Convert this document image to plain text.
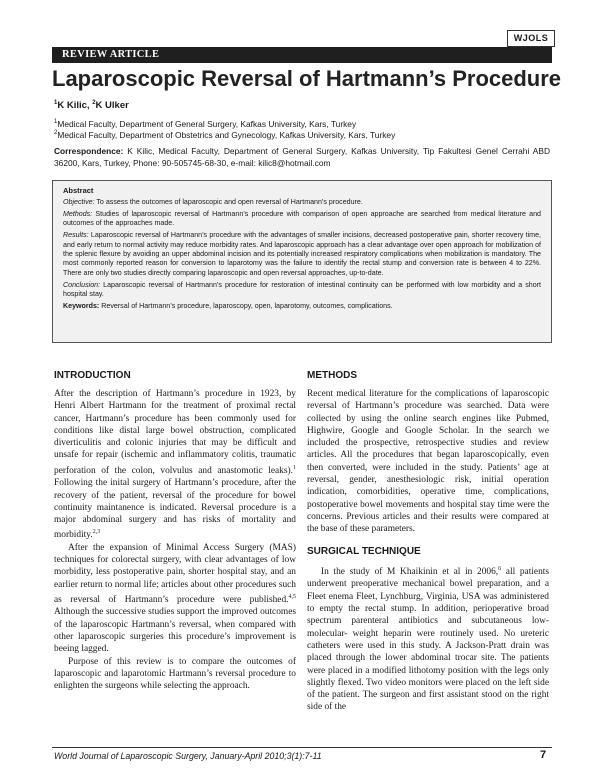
WJOLS
REVIEW ARTICLE
Laparoscopic Reversal of Hartmann’s Procedure
$^1$K Kilic, $^2$K Ulker
$^1$Medical Faculty, Department of General Surgery, Kafkas University, Kars, Turkey
$^2$Medical Faculty, Department of Obstetrics and Gynecology, Kafkas University, Kars, Turkey
Correspondence: K Kilic, Medical Faculty, Department of General Surgery, Kafkas University, Tip Fakultesi Genel Cerrahi ABD 36200, Kars, Turkey, Phone: 90-505745-68-30, e-mail: kilic8@hotmail.com

Abstract

Objective: To assess the outcomes of laparoscopic and open reversal of Hartmann’s procedure.

Methods: Studies of laparoscopic reversal of Hartmann’s procedure with comparison of open approache are searched from medical literature and outcomes of the approaches made.

Results: Laparoscopic reversal of Hartmann’s procedure with the advantages of smaller incisions, decreased postoperative pain, shorter recovery time, and early return to normal activity may reduce morbidity rates. And laparoscopic approach has a clear advantage over open approach for mobilization of the splenic flexure by avoiding an upper abdominal incision and its potentially increased respiratory complications when mobilization is mandatory. The most commonly reported reason for conversion to laparotomy was the failure to identify the rectal stump and conversion rate is between 4 to 22%. There are only two studies directly comparing laparoscopic and open reversal approaches, up-to-date.

Conclusion: Laparoscopic reversal of Hartmann’s procedure for restoration of intestinal continuity can be performed with low morbidity and a short hospital stay.

Keywords: Reversal of Hartmann’s procedure, laparoscopy, open, laparotomy, outcomes, complications.

INTRODUCTION

After the description of Hartmann’s procedure in 1923, by Henri Albert Hartmann for the treatment of proximal rectal cancer, Hartmann’s procedure has been commonly used for conditions like distal large bowel obstruction, complicated diverticulitis and colonic injuries that may be difficult and unsafe for repair (ischemic and inflammatory colitis, traumatic perforation of the colon, volvulus and anastomotic leaks).$^1$ Following the inital surgery of Hartmann’s procedure, after the recovery of the patient, reversal of the procedure for bowel continuity maintanence is indicated. Reversal procedure is a major abdominal surgery and has risks of mortality and morbidity.$^{2,3}$

After the expansion of Minimal Access Surgery (MAS) techniques for colorectal surgery, with clear advantages of low morbidity, less postoperative pain, shorter hospital stay, and an earlier return to normal life; articles about other procedures such as reversal of Hartmann’s procedure were published.$^{4,5}$ Although the successive studies support the improved outcomes of the laparoscopic Hartmann’s reversal, when compared with other laparoscopic surgeries this procedure’s improvement is beeing lagged.

Purpose of this review is to compare the outcomes of laparoscopic and laparotomic Hartmann’s reversal procedure to enlighten the surgeons while selecting the approach.

METHODS

Recent medical literature for the complications of laparoscopic reversal of Hartmann’s procedure was searched. Data were collected by using the online search engines like Pubmed, Highwire, Google and Google Scholar. In the search we included the prospective, retrospective studies and review articles. All the procedures that began laparoscopically, even then converted, were included in the study. Patients’ age at reversal, gender, anesthesiologic risk, initial operation indication, comorbidities, operative time, complications, postoperative bowel movements and hospital stay time were the concerns. Previous articles and their results were compared at the base of these parameters.

SURGICAL TECHNIQUE

In the study of M Khaikinin et al in 2006,$^6$ all patients underwent preoperative mechanical bowel preparation, and a Fleet enema Fleet, Lynchburg, Virginia, USA was administered to empty the rectal stump. In addition, perioperative broad spectrum parenteral antibiotics and subcutaneous low-molecular- weight heparin were routinely used. No ureteric catheters were used in this study. A Jackson-Pratt drain was placed through the lower abdominal trocar site. The patients were placed in a modified lithotomy position with the legs only slightly flexed. Two video monitors were placed on the left side of the patient. The surgeon and first assistant stood on the right side of the

World Journal of Laparoscopic Surgery, January-April 2010;3(1):7-11	7
